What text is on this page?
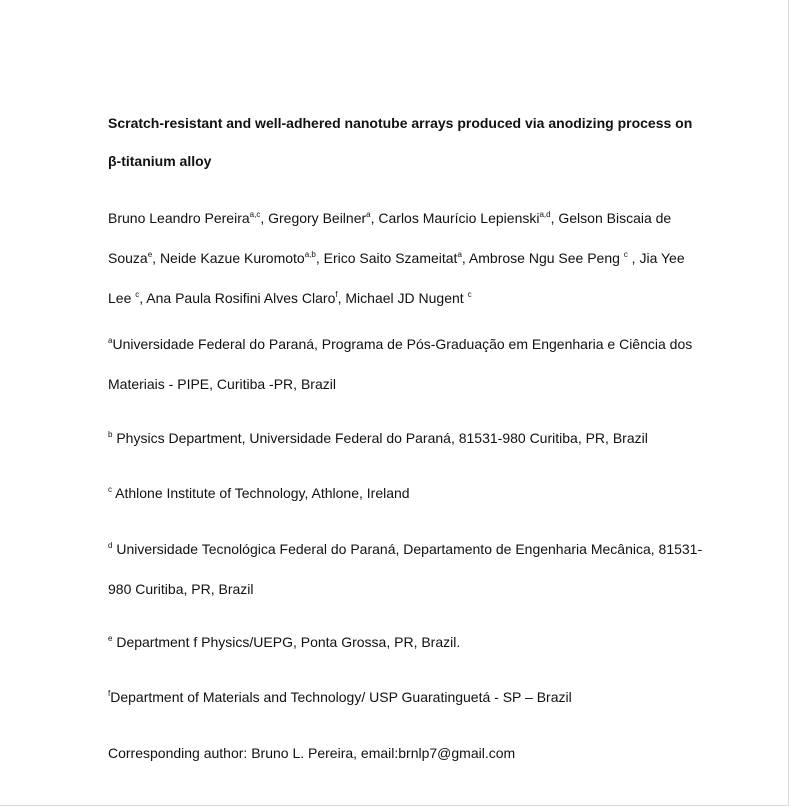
Scratch-resistant and well-adhered nanotube arrays produced via anodizing process on β-titanium alloy

Bruno Leandro Pereira$^{a,c}$, Gregory Beilner$^a$, Carlos Maurício Lepienski$^{a,d}$, Gelson Biscaia de Souza$^e$, Neide Kazue Kuromoto$^{a,b}$, Erico Saito Szameitat$^a$, Ambrose Ngu See Peng $^c$ , Jia Yee Lee $^c$, Ana Paula Rosifini Alves Claro$^f$, Michael JD Nugent $^c$

$^a$Universidade Federal do Paraná, Programa de Pós-Graduação em Engenharia e Ciência dos Materiais - PIPE, Curitiba -PR, Brazil

$^b$ Physics Department, Universidade Federal do Paraná, 81531-980 Curitiba, PR, Brazil

$^c$ Athlone Institute of Technology, Athlone, Ireland

$^d$ Universidade Tecnológica Federal do Paraná, Departamento de Engenharia Mecânica, 81531-980 Curitiba, PR, Brazil

$^e$ Department f Physics/UEPG, Ponta Grossa, PR, Brazil.

$^f$Department of Materials and Technology/ USP Guaratinguetá - SP – Brazil

Corresponding author: Bruno L. Pereira, email:brnlp7@gmail.com
